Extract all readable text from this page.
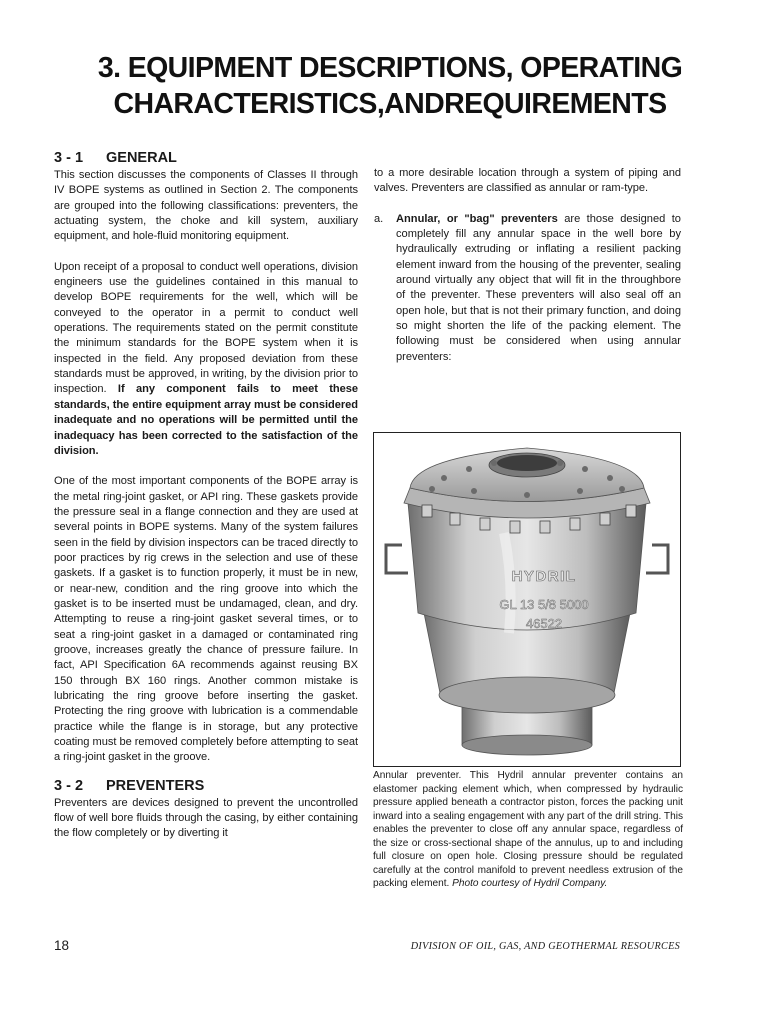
3. EQUIPMENT DESCRIPTIONS, OPERATING
CHARACTERISTICS,ANDREQUIREMENTS
3 - 1	GENERAL

This section discusses the components of Classes II through IV BOPE systems as outlined in Section 2. The components are grouped into the following classifications: preventers, the actuating system, the choke and kill system, auxiliary equipment, and hole-fluid monitoring equipment.

Upon receipt of a proposal to conduct well operations, division engineers use the guidelines contained in this manual to develop BOPE requirements for the well, which will be conveyed to the operator in a permit to conduct well operations. The requirements stated on the permit constitute the minimum standards for the BOPE system when it is inspected in the field. Any proposed deviation from these standards must be approved, in writing, by the division prior to inspection. If any component fails to meet these standards, the entire equipment array must be considered inadequate and no operations will be permitted until the inadequacy has been corrected to the satisfaction of the division.

One of the most important components of the BOPE array is the metal ring-joint gasket, or API ring. These gaskets provide the pressure seal in a flange connection and they are used at several points in BOPE systems. Many of the system failures seen in the field by division inspectors can be traced directly to poor practices by rig crews in the selection and use of these gaskets. If a gasket is to function properly, it must be in new, or near-new, condition and the ring groove into which the gasket is to be inserted must be undamaged, clean, and dry. Attempting to reuse a ring-joint gasket several times, or to seat a ring-joint gasket in a damaged or contaminated ring groove, increases greatly the chance of pressure failure. In fact, API Specification 6A recommends against reusing BX 150 through BX 160 rings. Another common mistake is lubricating the ring groove before inserting the gasket. Protecting the ring groove with lubrication is a commendable practice while the flange is in storage, but any protective coating must be removed completely before attempting to seat a ring-joint gasket in the groove.

3 - 2	PREVENTERS

Preventers are devices designed to prevent the uncontrolled flow of well bore fluids through the casing, by either containing the flow completely or by diverting it

to a more desirable location through a system of piping and valves. Preventers are classified as annular or ram-type.

a.	Annular, or "bag" preventers are those designed to completely fill any annular space in the well bore by hydraulically extruding or inflating a resilient packing element inward from the housing of the preventer, sealing around virtually any object that will fit in the throughbore of the preventer. These preventers will also seal off an open hole, but that is not their primary function, and doing so might shorten the life of the packing element. The following must be considered when using annular preventers:
HYDRIL
GL 13 5/8 5000
46522
Annular preventer. This Hydril annular preventer contains an elastomer packing element which, when compressed by hydraulic pressure applied beneath a contractor piston, forces the packing unit inward into a sealing engagement with any part of the drill string. This enables the preventer to close off any annular space, regardless of the size or cross-sectional shape of the annulus, up to and including full closure on open hole. Closing pressure should be regulated carefully at the control manifold to prevent needless extrusion of the packing element. Photo courtesy of Hydril Company.
18	DIVISION OF OIL, GAS, AND GEOTHERMAL RESOURCES
